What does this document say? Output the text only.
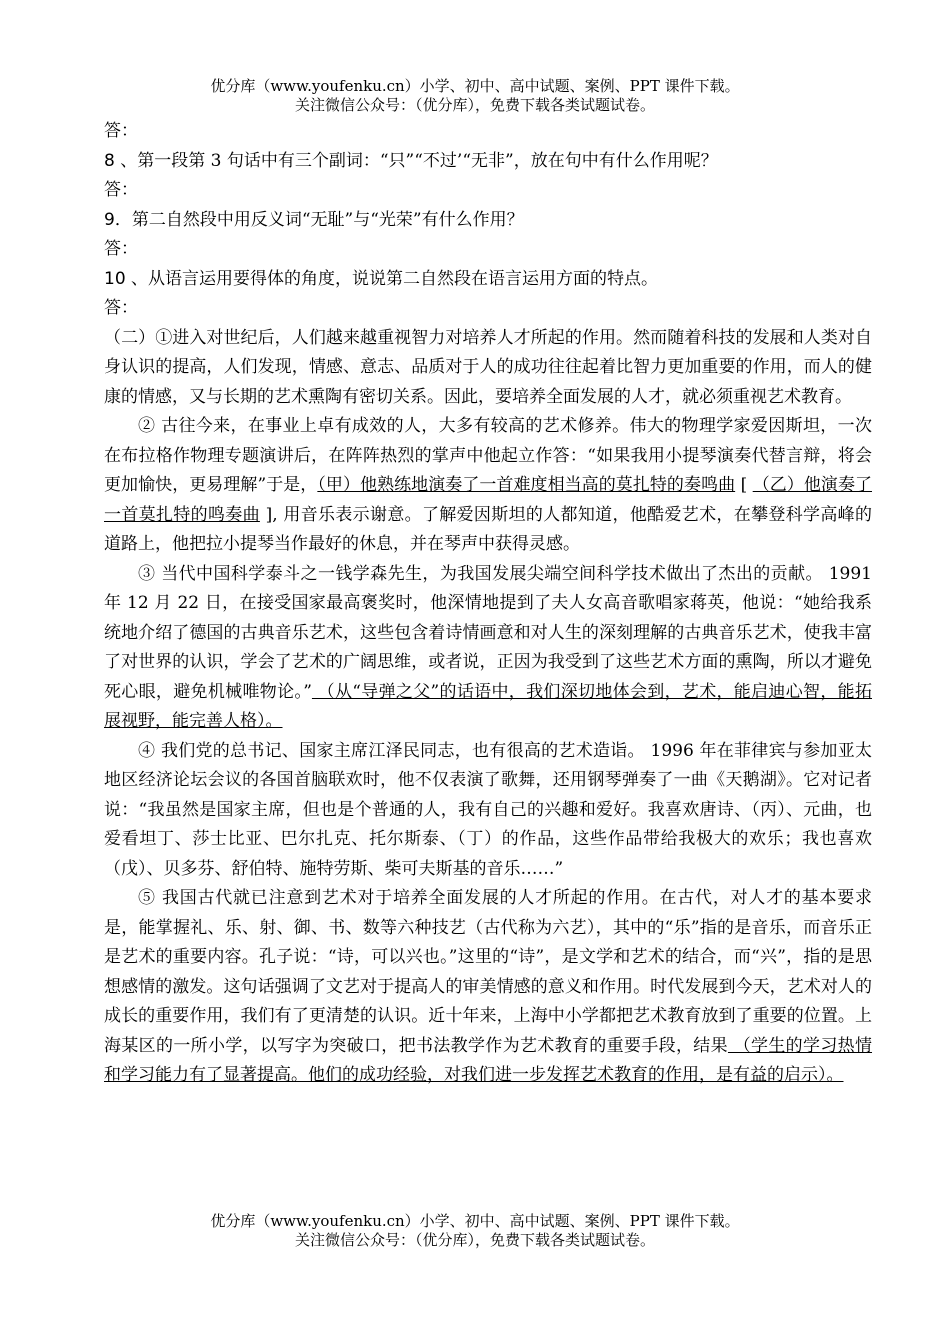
优分库（www.youfenku.cn）小学、初中、高中试题、案例、PPT 课件下载。
关注微信公众号：（优分库），免费下载各类试题试卷。
答：
8 、第一段第 3 句话中有三个副词：“只”“不过’“无非”，放在句中有什么作用呢？
答：
9．第二自然段中用反义词“无耻”与“光荣”有什么作用？
答：
10 、从语言运用要得体的角度，说说第二自然段在语言运用方面的特点。
答：
（二）①进入对世纪后，人们越来越重视智力对培养人才所起的作用。然而随着科技的发展和人类对自身认识的提高，人们发现，情感、意志、品质对于人的成功往往起着比智力更加重要的作用，而人的健康的情感，又与长期的艺术熏陶有密切关系。因此，要培养全面发展的人才，就必须重视艺术教育。
② 古往今来，在事业上卓有成效的人，大多有较高的艺术修养。伟大的物理学家爱因斯坦，一次在布拉格作物理专题演讲后，在阵阵热烈的掌声中他起立作答：“如果我用小提琴演奏代替言辩，将会更加愉快，更易理解”于是，（甲）他熟练地演奏了一首难度相当高的莫扎特的奏鸣曲 [ （乙）他演奏了一首莫扎特的鸣奏曲 ], 用音乐表示谢意。了解爱因斯坦的人都知道，他酷爱艺术，在攀登科学高峰的道路上，他把拉小提琴当作最好的休息，并在琴声中获得灵感。
③ 当代中国科学泰斗之一钱学森先生，为我国发展尖端空间科学技术做出了杰出的贡献。 1991 年 12 月 22 日，在接受国家最高褒奖时，他深情地提到了夫人女高音歌唱家蒋英，他说：“她给我系统地介绍了德国的古典音乐艺术，这些包含着诗情画意和对人生的深刻理解的古典音乐艺术，使我丰富了对世界的认识，学会了艺术的广阔思维，或者说，正因为我受到了这些艺术方面的熏陶，所以才避免死心眼，避免机械唯物论。” （从“导弹之父”的话语中，我们深切地体会到，艺术，能启迪心智，能拓展视野，能完善人格）。
④ 我们党的总书记、国家主席江泽民同志，也有很高的艺术造诣。 1996 年在菲律宾与参加亚太地区经济论坛会议的各国首脑联欢时，他不仅表演了歌舞，还用钢琴弹奏了一曲《天鹅湖》。它对记者说：“我虽然是国家主席，但也是个普通的人，我有自己的兴趣和爱好。我喜欢唐诗、（丙）、元曲，也爱看坦丁、莎士比亚、巴尔扎克、托尔斯泰、（丁）的作品，这些作品带给我极大的欢乐；我也喜欢（戊）、贝多芬、舒伯特、施特劳斯、柴可夫斯基的音乐……”
⑤ 我国古代就已注意到艺术对于培养全面发展的人才所起的作用。在古代，对人才的基本要求是，能掌握礼、乐、射、御、书、数等六种技艺（古代称为六艺），其中的“乐”指的是音乐，而音乐正是艺术的重要内容。孔子说：“诗，可以兴也。”这里的“诗”，是文学和艺术的结合，而“兴”，指的是思想感情的激发。这句话强调了文艺对于提高人的审美情感的意义和作用。时代发展到今天，艺术对人的成长的重要作用，我们有了更清楚的认识。近十年来，上海中小学都把艺术教育放到了重要的位置。上海某区的一所小学，以写字为突破口，把书法教学作为艺术教育的重要手段，结果 （学生的学习热情和学习能力有了显著提高。他们的成功经验，对我们进一步发挥艺术教育的作用，是有益的启示）。
优分库（www.youfenku.cn）小学、初中、高中试题、案例、PPT 课件下载。
关注微信公众号：（优分库），免费下载各类试题试卷。
